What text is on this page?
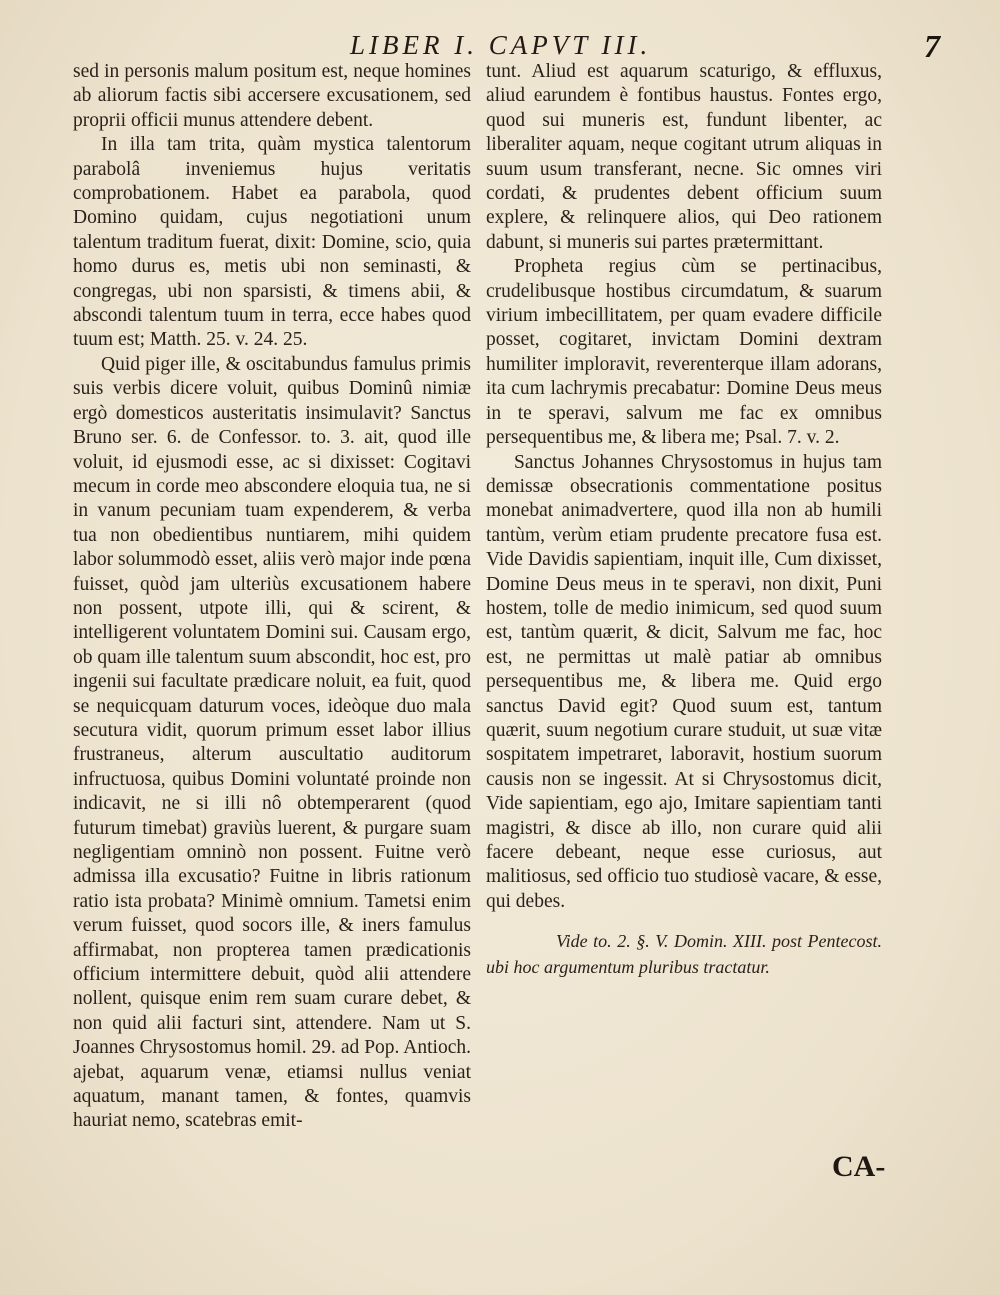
LIBER I. CAPVT III.	7

sed in personis malum positum est, neque homines ab aliorum factis sibi accersere excusationem, sed proprii officii munus attendere debent.

In illa tam trita, quàm mystica talentorum parabolâ inveniemus hujus veritatis comprobationem. Habet ea parabola, quod Domino quidam, cujus negotiationi unum talentum traditum fuerat, dixit: Domine, scio, quia homo durus es, metis ubi non seminasti, & congregas, ubi non sparsisti, & timens abii, & abscondi talentum tuum in terra, ecce habes quod tuum est; Matth. 25. v. 24. 25.

Quid piger ille, & oscitabundus famulus primis suis verbis dicere voluit, quibus Dominû nimiæ ergò domesticos austeritatis insimulavit? Sanctus Bruno ser. 6. de Confessor. to. 3. ait, quod ille voluit, id ejusmodi esse, ac si dixisset: Cogitavi mecum in corde meo abscondere eloquia tua, ne si in vanum pecuniam tuam expenderem, & verba tua non obedientibus nuntiarem, mihi quidem labor solummodò esset, aliis verò major inde pœna fuisset, quòd jam ulteriùs excusationem habere non possent, utpote illi, qui & scirent, & intelligerent voluntatem Domini sui. Causam ergo, ob quam ille talentum suum abscondit, hoc est, pro ingenii sui facultate prædicare noluit, ea fuit, quod se nequicquam daturum voces, ideòque duo mala secutura vidit, quorum primum esset labor illius frustraneus, alterum auscultatio auditorum infructuosa, quibus Domini voluntaté proinde non indicavit, ne si illi nô obtemperarent (quod futurum timebat) graviùs luerent, & purgare suam negligentiam omninò non possent. Fuitne verò admissa illa excusatio? Fuitne in libris rationum ratio ista probata? Minimè omnium. Tametsi enim verum fuisset, quod socors ille, & iners famulus affirmabat, non propterea tamen prædicationis officium intermittere debuit, quòd alii attendere nollent, quisque enim rem suam curare debet, & non quid alii facturi sint, attendere. Nam ut S. Joannes Chrysostomus homil. 29. ad Pop. Antioch. ajebat, aquarum venæ, etiamsi nullus veniat aquatum, manant tamen, & fontes, quamvis hauriat nemo, scatebras emit-

tunt. Aliud est aquarum scaturigo, & effluxus, aliud earundem è fontibus haustus. Fontes ergo, quod sui muneris est, fundunt libenter, ac liberaliter aquam, neque cogitant utrum aliquas in suum usum transferant, necne. Sic omnes viri cordati, & prudentes debent officium suum explere, & relinquere alios, qui Deo rationem dabunt, si muneris sui partes prætermittant.

Propheta regius cùm se pertinacibus, crudelibusque hostibus circumdatum, & suarum virium imbecillitatem, per quam evadere difficile posset, cogitaret, invictam Domini dextram humiliter imploravit, reverenterque illam adorans, ita cum lachrymis precabatur: Domine Deus meus in te speravi, salvum me fac ex omnibus persequentibus me, & libera me; Psal. 7. v. 2.

Sanctus Johannes Chrysostomus in hujus tam demissæ obsecrationis commentatione positus monebat animadvertere, quod illa non ab humili tantùm, verùm etiam prudente precatore fusa est. Vide Davidis sapientiam, inquit ille, Cum dixisset, Domine Deus meus in te speravi, non dixit, Puni hostem, tolle de medio inimicum, sed quod suum est, tantùm quærit, & dicit, Salvum me fac, hoc est, ne permittas ut malè patiar ab omnibus persequentibus me, & libera me. Quid ergo sanctus David egit? Quod suum est, tantum quærit, suum negotium curare studuit, ut suæ vitæ sospitatem impetraret, laboravit, hostium suorum causis non se ingessit. At si Chrysostomus dicit, Vide sapientiam, ego ajo, Imitare sapientiam tanti magistri, & disce ab illo, non curare quid alii facere debeant, neque esse curiosus, aut malitiosus, sed officio tuo studiosè vacare, & esse, qui debes.

Vide to. 2. §. V. Domin. XIII. post Pentecost. ubi hoc argumentum pluribus tractatur.

CA-
